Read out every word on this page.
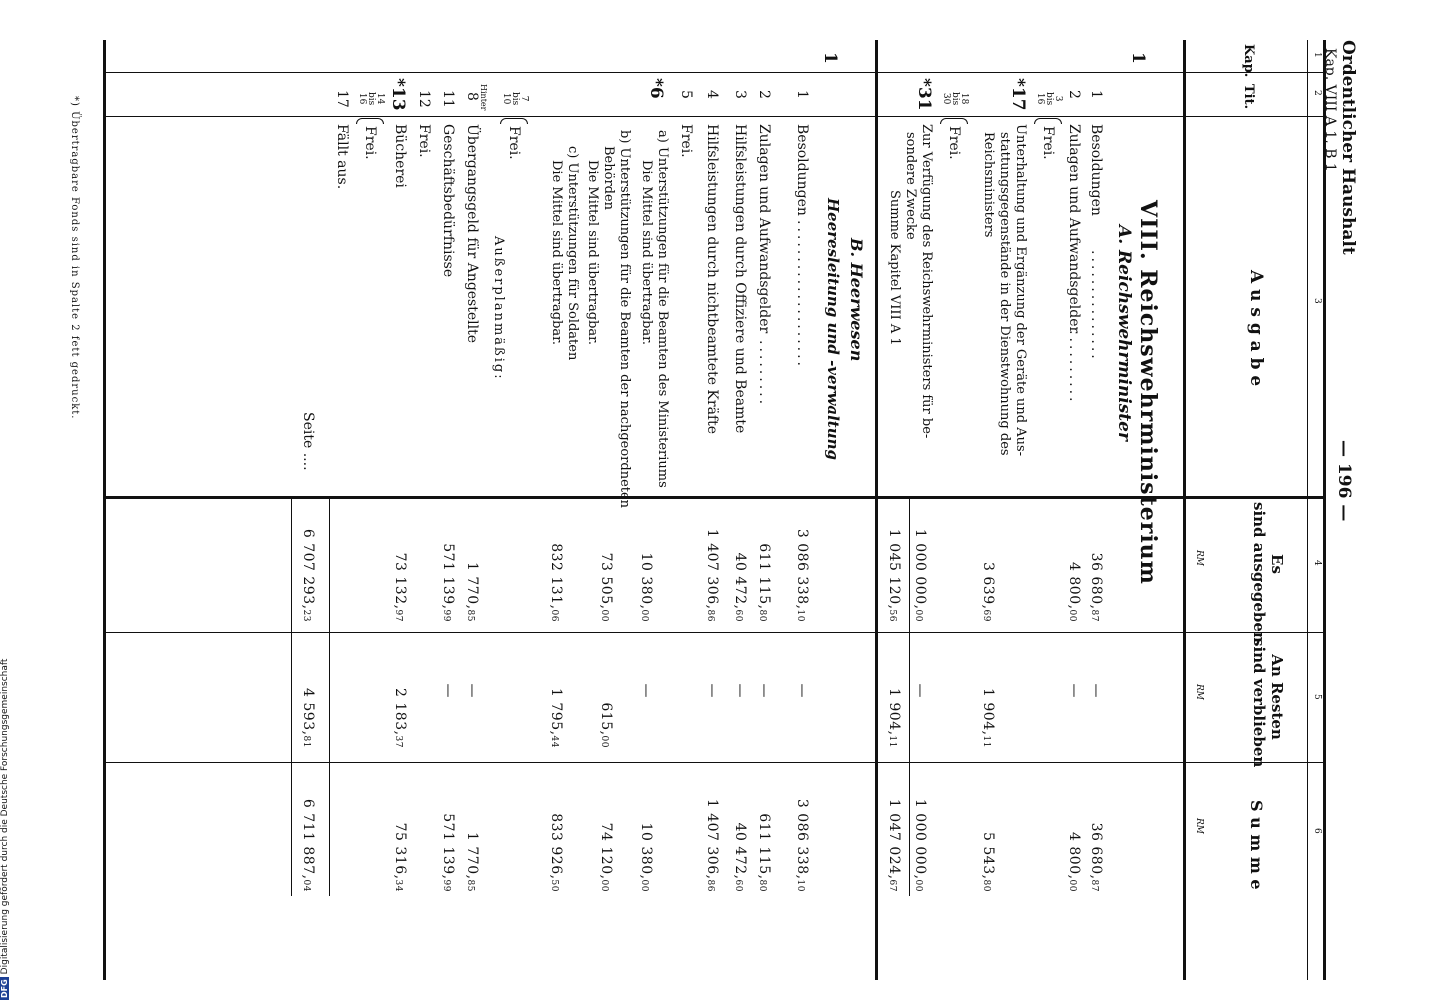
DFGDigitalisierung gefördert durch die Deutsche Forschungsgemeinschaft
*) Übertragbare Fonds sind in Spalte 2 fett gedruckt.	Ordentlicher Haushalt
Kap. VIII A 1, B 1
— 196 —
1
2
3
4
5
6
Kap.
Tit.
A u s g a b e
Es
sind ausgegeben
An Resten
sind verblieben
S u m m e
RM
RM
RM
VIII. Reichswehrministerium
A. Reichswehrminister
1
1
Besoldungen
...............
36 680,87
—
36 680,87
2
Zulagen und Aufwandsgelder
..........
4 800,00
—
4 800,00
3
bis
16
Frei.
*17
Unterhaltung und Ergänzung der Geräte und Aus-
stattungsgegenstände in der Dienstwohnung des
Reichsministers
3 639,69
1 904,11
5 543,80
18
bis
30
Frei.
*31
Zur Verfügung des Reichswehrministers für be-
sondere Zwecke
1 000 000,00
—
1 000 000,00
Summe Kapitel VIII A 1
1 045 120,56
1 904,11
1 047 024,67
B. Heerwesen
Heeresleitung und -verwaltung
1
1
Besoldungen
....................
3 086 338,10
—
3 086 338,10
2
Zulagen und Aufwandsgelder
.........
611 115,80
—
611 115,80
3
Hilfsleistungen durch Offiziere und Beamte
40 472,60
—
40 472,60
4
Hilfsleistungen durch nichtbeamtete Kräfte
1 407 306,86
—
1 407 306,86
5
Frei.
*6
a) Unterstützungen für die Beamten des Ministeriums
Die Mittel sind übertragbar.
10 380,00
—
10 380,00
b) Unterstützungen für die Beamten der nachgeordneten
Behörden
Die Mittel sind übertragbar.
73 505,00
615,00
74 120,00
c) Unterstützungen für Soldaten
Die Mittel sind übertragbar.
832 131,06
1 795,44
833 926,50
7
bis
10
Frei.
Außerplanmäßig:
Hinter
8
Übergangsgeld für Angestellte
1 770,85
—
1 770,85
11
Geschäftsbedürfnisse
571 139,99
—
571 139,99
12
Frei.
*13
Bücherei
73 132,97
2 183,37
75 316,34
14
bis
16
Frei.
17
Fällt aus.
Seite ....
6 707 293,23
4 593,81
6 711 887,04
